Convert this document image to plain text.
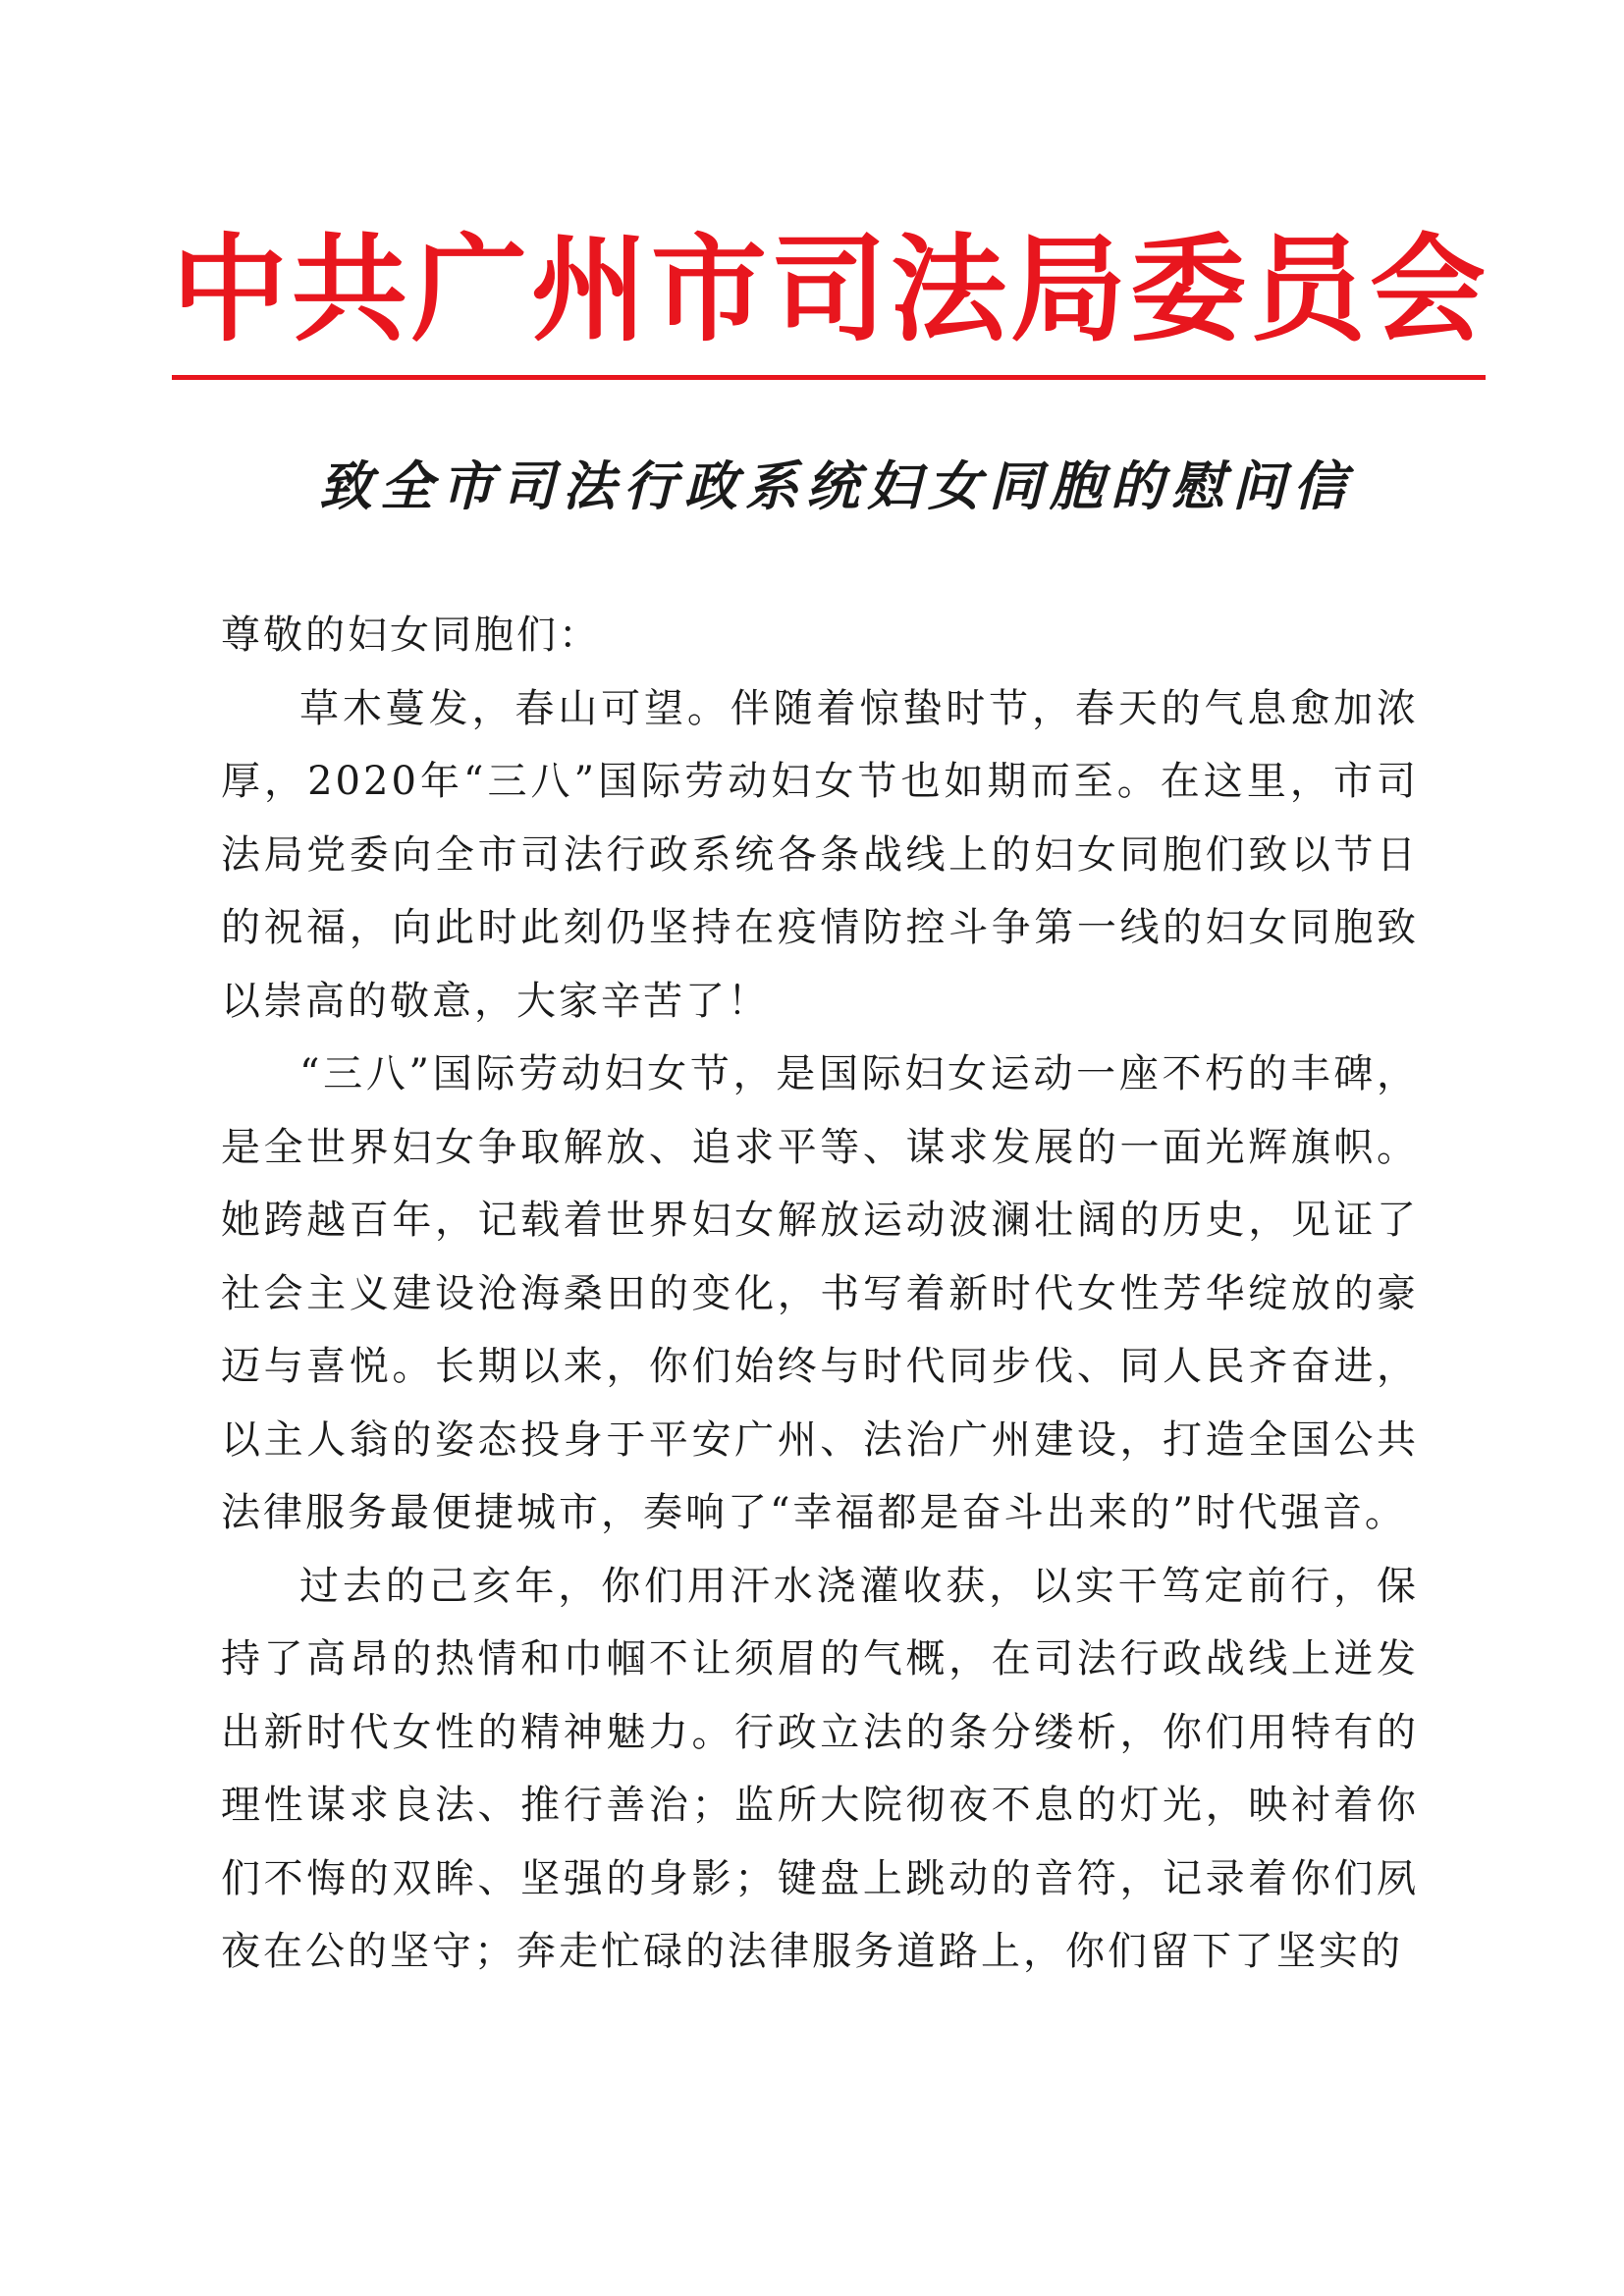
中共广州市司法局委员会
致全市司法行政系统妇女同胞的慰问信

尊敬的妇女同胞们：

草木蔓发，春山可望。伴随着惊蛰时节，春天的气息愈加浓厚，2020年“三八”国际劳动妇女节也如期而至。在这里，市司法局党委向全市司法行政系统各条战线上的妇女同胞们致以节日的祝福，向此时此刻仍坚持在疫情防控斗争第一线的妇女同胞致以崇高的敬意，大家辛苦了！

“三八”国际劳动妇女节，是国际妇女运动一座不朽的丰碑，是全世界妇女争取解放、追求平等、谋求发展的一面光辉旗帜。她跨越百年，记载着世界妇女解放运动波澜壮阔的历史，见证了社会主义建设沧海桑田的变化，书写着新时代女性芳华绽放的豪迈与喜悦。长期以来，你们始终与时代同步伐、同人民齐奋进，以主人翁的姿态投身于平安广州、法治广州建设，打造全国公共法律服务最便捷城市，奏响了“幸福都是奋斗出来的”时代强音。

过去的己亥年，你们用汗水浇灌收获，以实干笃定前行，保持了高昂的热情和巾帼不让须眉的气概，在司法行政战线上迸发出新时代女性的精神魅力。行政立法的条分缕析，你们用特有的理性谋求良法、推行善治；监所大院彻夜不息的灯光，映衬着你们不悔的双眸、坚强的身影；键盘上跳动的音符，记录着你们夙夜在公的坚守；奔走忙碌的法律服务道路上，你们留下了坚实的
